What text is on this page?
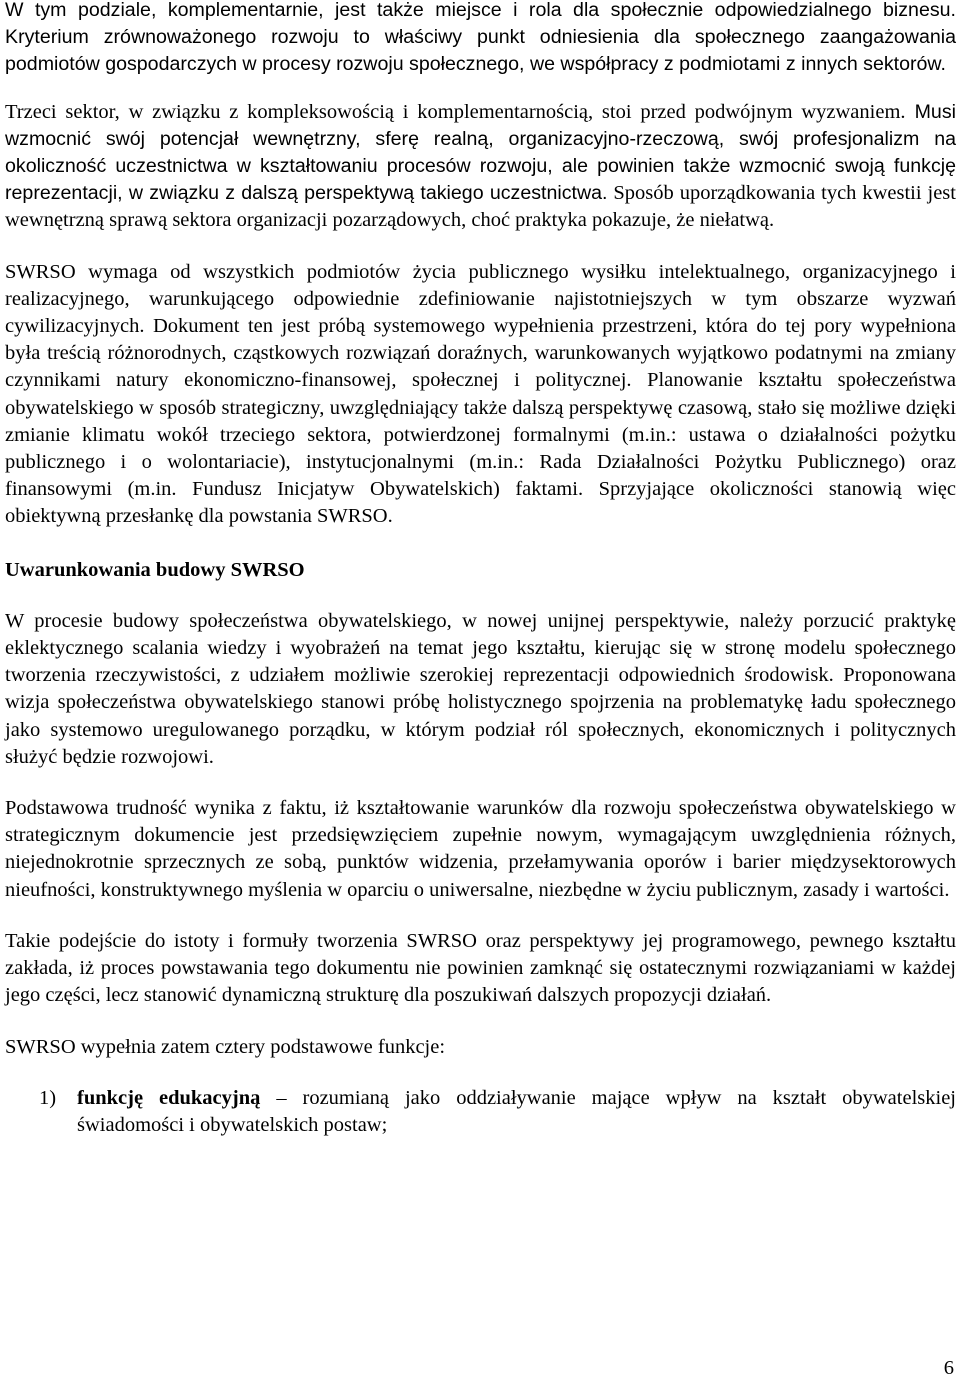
W tym podziale, komplementarnie, jest także miejsce i rola dla społecznie odpowiedzialnego biznesu. Kryterium zrównoważonego rozwoju to właściwy punkt odniesienia dla społecznego zaangażowania podmiotów gospodarczych w procesy rozwoju społecznego, we współpracy z podmiotami z innych sektorów.

Trzeci sektor, w związku z kompleksowością i komplementarnością, stoi przed podwójnym wyzwaniem. Musi wzmocnić swój potencjał wewnętrzny, sferę realną, organizacyjno-rzeczową, swój profesjonalizm na okoliczność uczestnictwa w kształtowaniu procesów rozwoju, ale powinien także wzmocnić swoją funkcję reprezentacji, w związku z dalszą perspektywą takiego uczestnictwa. Sposób uporządkowania tych kwestii jest wewnętrzną sprawą sektora organizacji pozarządowych, choć praktyka pokazuje, że niełatwą.

SWRSO wymaga od wszystkich podmiotów życia publicznego wysiłku intelektualnego, organizacyjnego i realizacyjnego, warunkującego odpowiednie zdefiniowanie najistotniejszych w tym obszarze wyzwań cywilizacyjnych. Dokument ten jest próbą systemowego wypełnienia przestrzeni, która do tej pory wypełniona była treścią różnorodnych, cząstkowych rozwiązań doraźnych, warunkowanych wyjątkowo podatnymi na zmiany czynnikami natury ekonomiczno-finansowej, społecznej i politycznej. Planowanie kształtu społeczeństwa obywatelskiego w sposób strategiczny, uwzględniający także dalszą perspektywę czasową, stało się możliwe dzięki zmianie klimatu wokół trzeciego sektora, potwierdzonej formalnymi (m.in.: ustawa o działalności pożytku publicznego i o wolontariacie), instytucjonalnymi (m.in.: Rada Działalności Pożytku Publicznego) oraz finansowymi (m.in. Fundusz Inicjatyw Obywatelskich) faktami. Sprzyjające okoliczności stanowią więc obiektywną przesłankę dla powstania SWRSO.

Uwarunkowania budowy SWRSO

W procesie budowy społeczeństwa obywatelskiego, w nowej unijnej perspektywie, należy porzucić praktykę eklektycznego scalania wiedzy i wyobrażeń na temat jego kształtu, kierując się w stronę modelu społecznego tworzenia rzeczywistości, z udziałem możliwie szerokiej reprezentacji odpowiednich środowisk. Proponowana wizja społeczeństwa obywatelskiego stanowi próbę holistycznego spojrzenia na problematykę ładu społecznego jako systemowo uregulowanego porządku, w którym podział ról społecznych, ekonomicznych i politycznych służyć będzie rozwojowi.

Podstawowa trudność wynika z faktu, iż kształtowanie warunków dla rozwoju społeczeństwa obywatelskiego w strategicznym dokumencie jest przedsięwzięciem zupełnie nowym, wymagającym uwzględnienia różnych, niejednokrotnie sprzecznych ze sobą, punktów widzenia, przełamywania oporów i barier międzysektorowych nieufności, konstruktywnego myślenia w oparciu o uniwersalne, niezbędne w życiu publicznym, zasady i wartości.

Takie podejście do istoty i formuły tworzenia SWRSO oraz perspektywy jej programowego, pewnego kształtu zakłada, iż proces powstawania tego dokumentu nie powinien zamknąć się ostatecznymi rozwiązaniami w każdej jego części, lecz stanowić dynamiczną strukturę dla poszukiwań dalszych propozycji działań.

SWRSO wypełnia zatem cztery podstawowe funkcje:

1)	funkcję edukacyjną – rozumianą jako oddziaływanie mające wpływ na kształt obywatelskiej świadomości i obywatelskich postaw;

6
